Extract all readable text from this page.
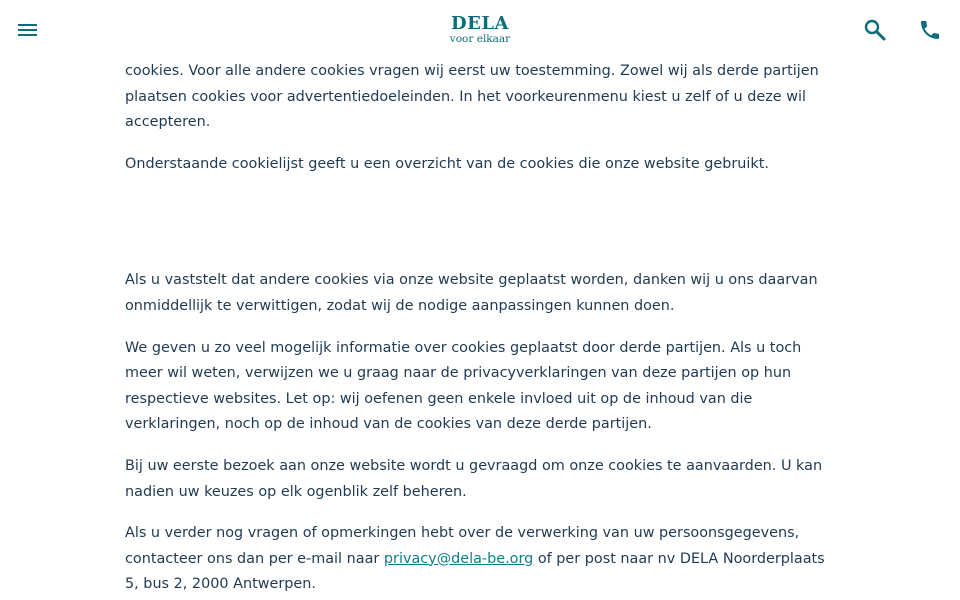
DELA
voor elkaar

cookies. Voor alle andere cookies vragen wij eerst uw toestemming. Zowel wij als derde partijen plaatsen cookies voor advertentiedoeleinden. In het voorkeurenmenu kiest u zelf of u deze wil accepteren.

Onderstaande cookielijst geeft u een overzicht van de cookies die onze website gebruikt.

Als u vaststelt dat andere cookies via onze website geplaatst worden, danken wij u ons daarvan onmiddellijk te verwittigen, zodat wij de nodige aanpassingen kunnen doen.

We geven u zo veel mogelijk informatie over cookies geplaatst door derde partijen. Als u toch meer wil weten, verwijzen we u graag naar de privacyverklaringen van deze partijen op hun respectieve websites. Let op: wij oefenen geen enkele invloed uit op de inhoud van die verklaringen, noch op de inhoud van de cookies van deze derde partijen.

Bij uw eerste bezoek aan onze website wordt u gevraagd om onze cookies te aanvaarden. U kan nadien uw keuzes op elk ogenblik zelf beheren.

Als u verder nog vragen of opmerkingen hebt over de verwerking van uw persoonsgegevens, contacteer ons dan per e-mail naar privacy@dela-be.org of per post naar nv DELA Noorderplaats 5, bus 2, 2000 Antwerpen.
